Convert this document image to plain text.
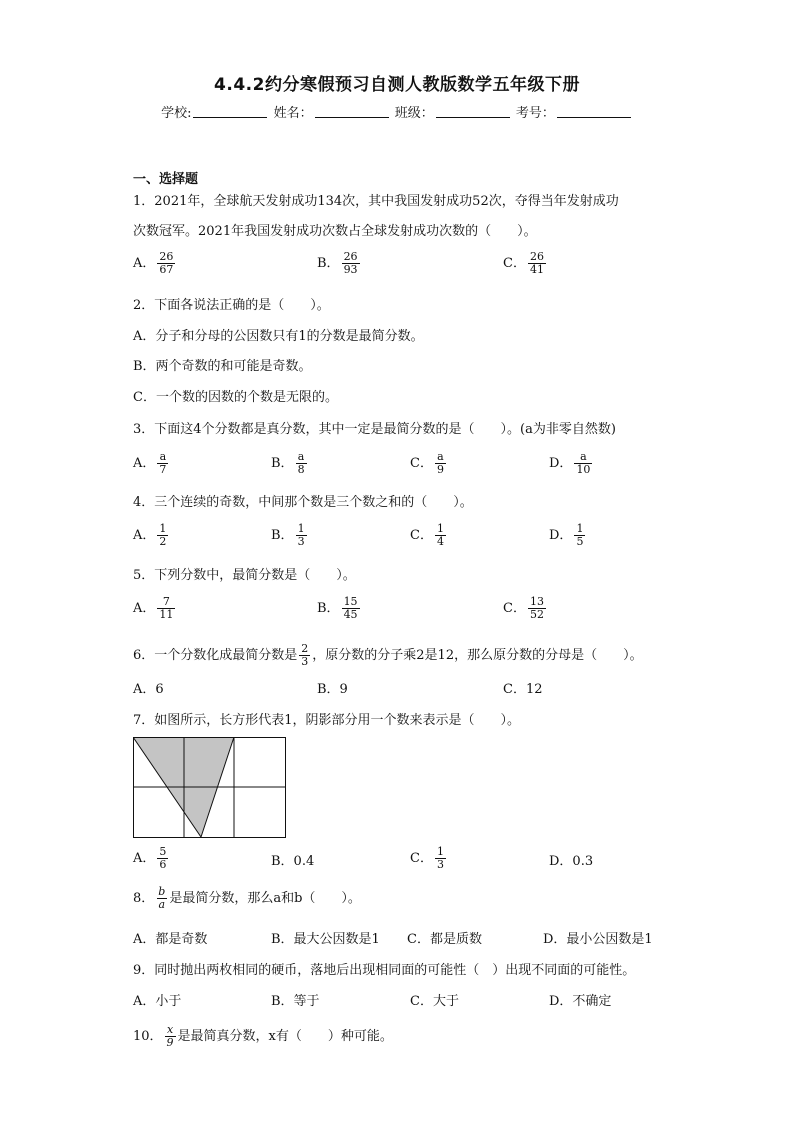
4.4.2约分寒假预习自测人教版数学五年级下册
学校:	姓名：	班级：	考号：
一、选择题
1．2021年，全球航天发射成功134次，其中我国发射成功52次，夺得当年发射成功
次数冠军。2021年我国发射成功次数占全球发射成功次数的（　　）。
A． $\frac{26}{67}$	B． $\frac{26}{93}$	C． $\frac{26}{41}$
2．下面各说法正确的是（　　）。
A．分子和分母的公因数只有1的分数是最简分数。
B．两个奇数的和可能是奇数。
C．一个数的因数的个数是无限的。
3．下面这4个分数都是真分数，其中一定是最简分数的是（　　）。(a为非零自然数)
A． $\frac{a}{7}$	B． $\frac{a}{8}$	C． $\frac{a}{9}$	D． $\frac{a}{10}$
4．三个连续的奇数，中间那个数是三个数之和的（　　）。
A． $\frac{1}{2}$	B． $\frac{1}{3}$	C． $\frac{1}{4}$	D． $\frac{1}{5}$
5．下列分数中，最简分数是（　　）。
A． $\frac{7}{11}$	B． $\frac{15}{45}$	C． $\frac{13}{52}$
6．一个分数化成最简分数是 $\frac{2}{3}$ ，原分数的分子乘2是12，那么原分数的分母是（　　）。
A．6	B．9	C．12
7．如图所示，长方形代表1，阴影部分用一个数来表示是（　　）。
A． $\frac{5}{6}$	B．0.4	C． $\frac{1}{3}$	D．0.3
8． $\frac{b}{a}$ 是最简分数，那么a和b（　　）。
A．都是奇数	B．最大公因数是1 C．都是质数	D．最小公因数是1
9．同时抛出两枚相同的硬币，落地后出现相同面的可能性（　）出现不同面的可能性。
A．小于	B．等于	C．大于	D．不确定
10． $\frac{x}{9}$ 是最简真分数，x有（　　）种可能。
